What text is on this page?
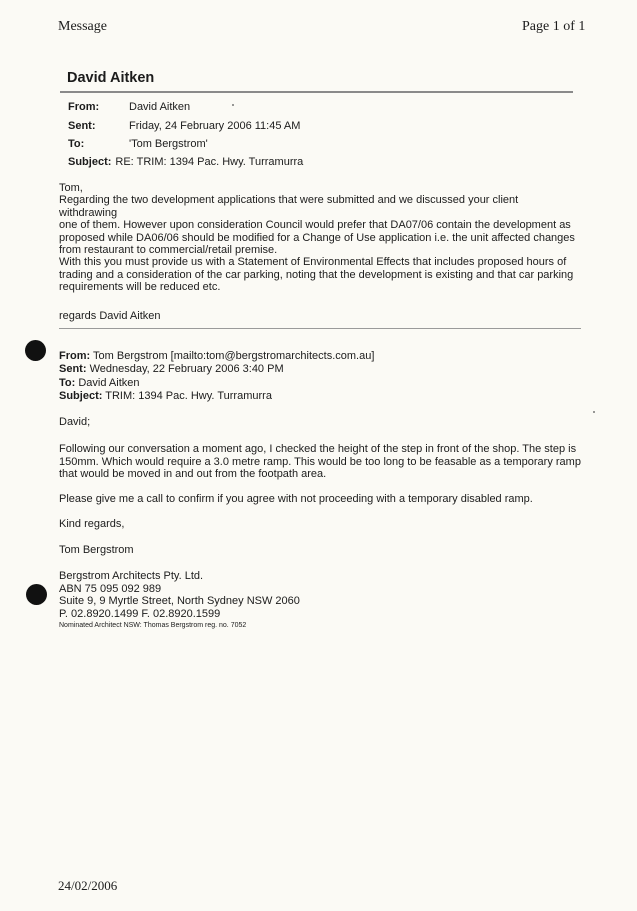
Message	Page 1 of 1
David Aitken
From:	David Aitken
Sent:	Friday, 24 February 2006 11:45 AM
To:	'Tom Bergstrom'
Subject: RE: TRIM: 1394 Pac. Hwy. Turramurra

Tom,

Regarding the two development applications that were submitted and we discussed your client withdrawing

one of them. However upon consideration Council would prefer that DA07/06 contain the development as

proposed while DA06/06 should be modified for a Change of Use application i.e. the unit affected changes

from restaurant to commercial/retail premise.

With this you must provide us with a Statement of Environmental Effects that includes proposed hours of

trading and a consideration of the car parking, noting that the development is existing and that car parking

requirements will be reduced etc.

regards David Aitken
From: Tom Bergstrom [mailto:tom@bergstromarchitects.com.au]
Sent: Wednesday, 22 February 2006 3:40 PM
To: David Aitken
Subject: TRIM: 1394 Pac. Hwy. Turramurra
David;
Following our conversation a moment ago, I checked the height of the step in front of the shop. The step is
150mm. Which would require a 3.0 metre ramp. This would be too long to be feasable as a temporary ramp
that would be moved in and out from the footpath area.
Please give me a call to confirm if you agree with not proceeding with a temporary disabled ramp.
Kind regards,
Tom Bergstrom
Bergstrom Architects Pty. Ltd.
ABN 75 095 092 989
Suite 9, 9 Myrtle Street, North Sydney NSW 2060
P. 02.8920.1499 F. 02.8920.1599
Nominated Architect NSW: Thomas Bergstrom reg. no. 7052
24/02/2006
